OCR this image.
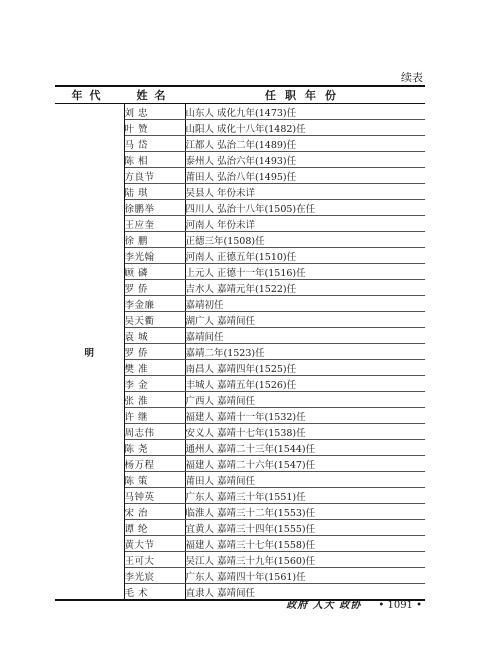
续表
年代	姓名	任职年份
明	刘 忠	山东人 成化九年(1473)任
	叶 赞	山阳人 成化十八年(1482)任
	马 岱	江都人 弘治二年(1489)任
	陈 相	泰州人 弘治六年(1493)任
	方良节	莆田人 弘治八年(1495)任
	陆 琪	吴县人 年份未详
	徐鹏举	四川人 弘治十八年(1505)在任
	王应奎	河南人 年份未详
	徐 鹏	正德三年(1508)任
	李光翰	河南人 正德五年(1510)任
	顾 磷	上元人 正德十一年(1516)任
	罗 侨	吉水人 嘉靖元年(1522)任
	李金廉	嘉靖初任
	吴天衢	湖广人 嘉靖间任
	袁 城	嘉靖间任
	罗 侨	嘉靖二年(1523)任
	樊 准	南昌人 嘉靖四年(1525)任
	李 金	丰城人 嘉靖五年(1526)任
	张 淮	广西人 嘉靖间任
	许 继	福建人 嘉靖十一年(1532)任
	周志伟	安义人 嘉靖十七年(1538)任
	陈 尧	通州人 嘉靖二十三年(1544)任
	杨万程	福建人 嘉靖二十六年(1547)任
	陈 策	莆田人 嘉靖间任
	马钟英	广东人 嘉靖三十年(1551)任
	宋 治	临淮人 嘉靖三十二年(1553)任
	谭 纶	宜黄人 嘉靖三十四年(1555)任
	黄大节	福建人 嘉靖三十七年(1558)任
	王可大	吴江人 嘉靖三十九年(1560)任
	李光宸	广东人 嘉靖四十年(1561)任
	毛 术	直隶人 嘉靖间任
政府 人大 政协 • 1091 •
